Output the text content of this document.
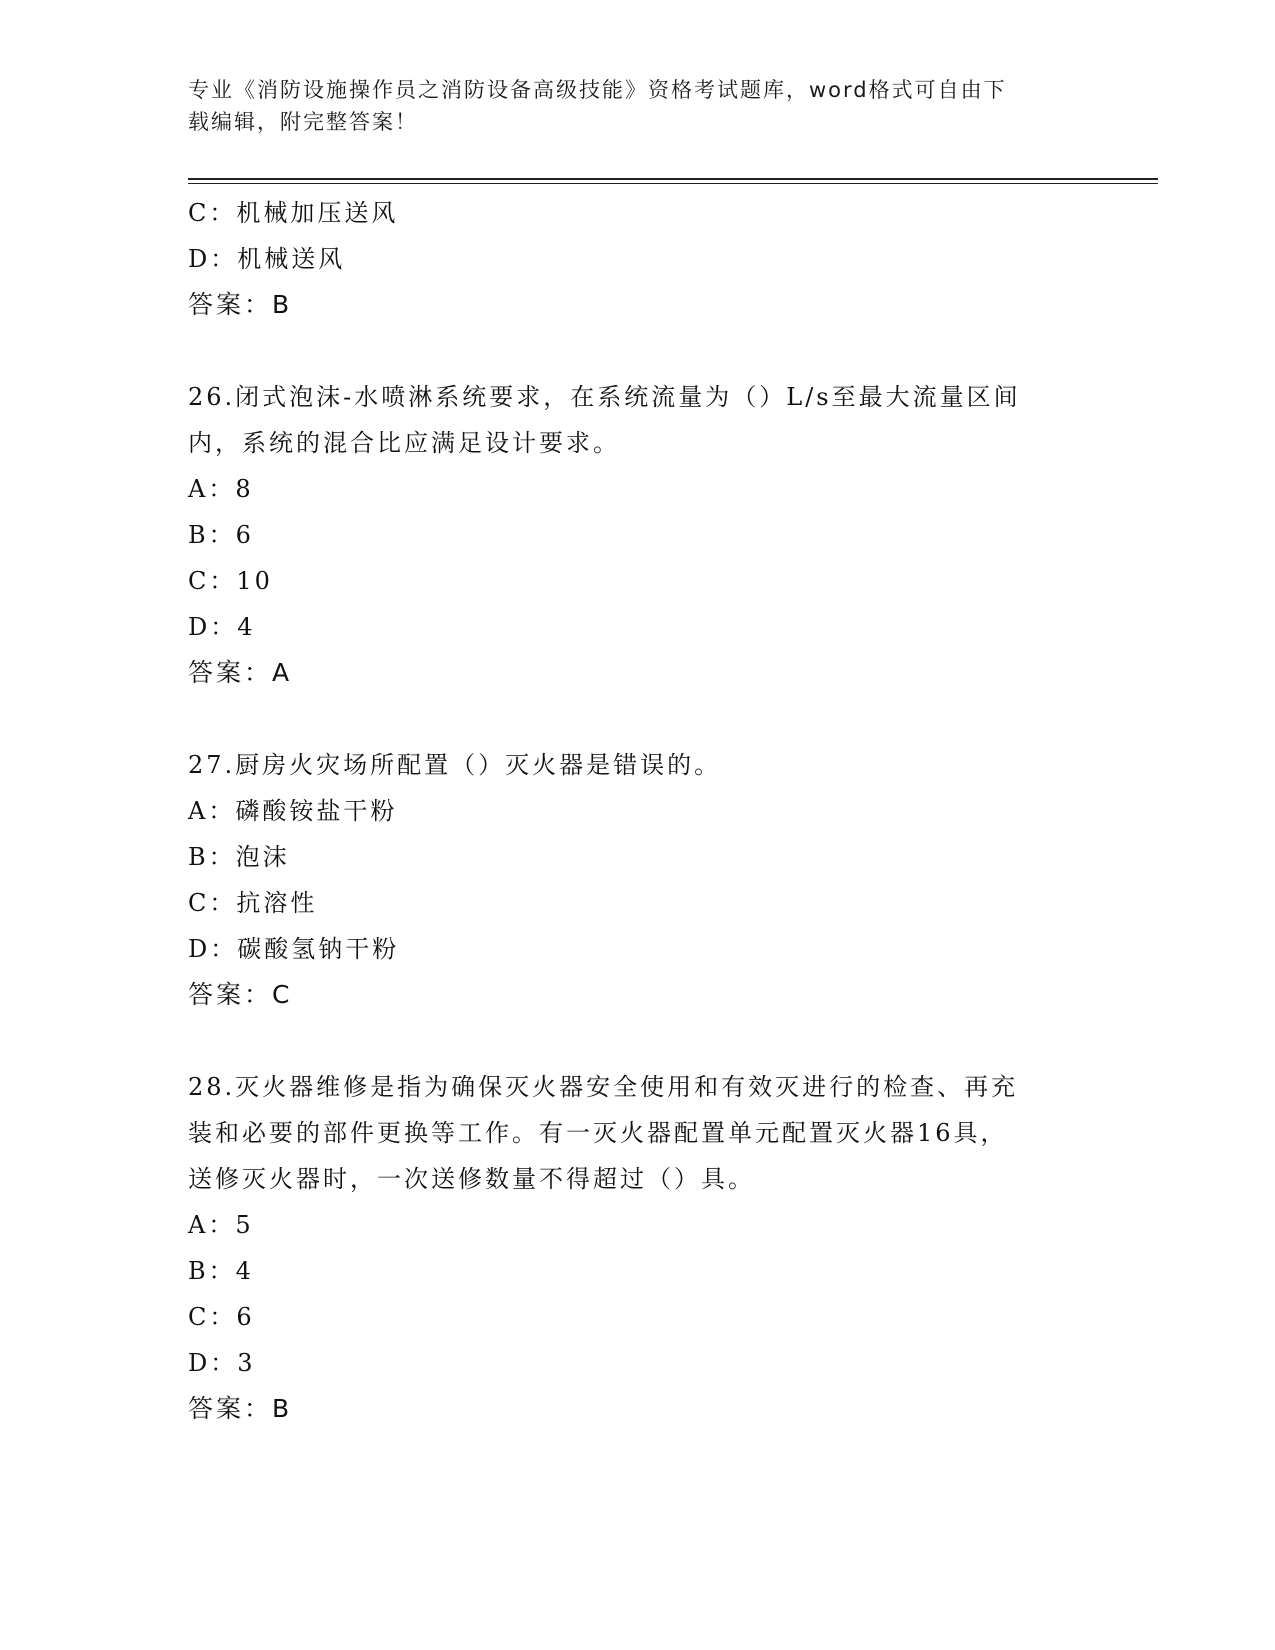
专业《消防设施操作员之消防设备高级技能》资格考试题库，word格式可自由下
载编辑，附完整答案！
C：机械加压送风
D：机械送风
答案：B
26.闭式泡沫-水喷淋系统要求，在系统流量为（）L/s至最大流量区间
内，系统的混合比应满足设计要求。
A：8
B：6
C：10
D：4
答案：A
27.厨房火灾场所配置（）灭火器是错误的。
A：磷酸铵盐干粉
B：泡沫
C：抗溶性
D：碳酸氢钠干粉
答案：C
28.灭火器维修是指为确保灭火器安全使用和有效灭进行的检查、再充
装和必要的部件更换等工作。有一灭火器配置单元配置灭火器16具，
送修灭火器时，一次送修数量不得超过（）具。
A：5
B：4
C：6
D：3
答案：B
